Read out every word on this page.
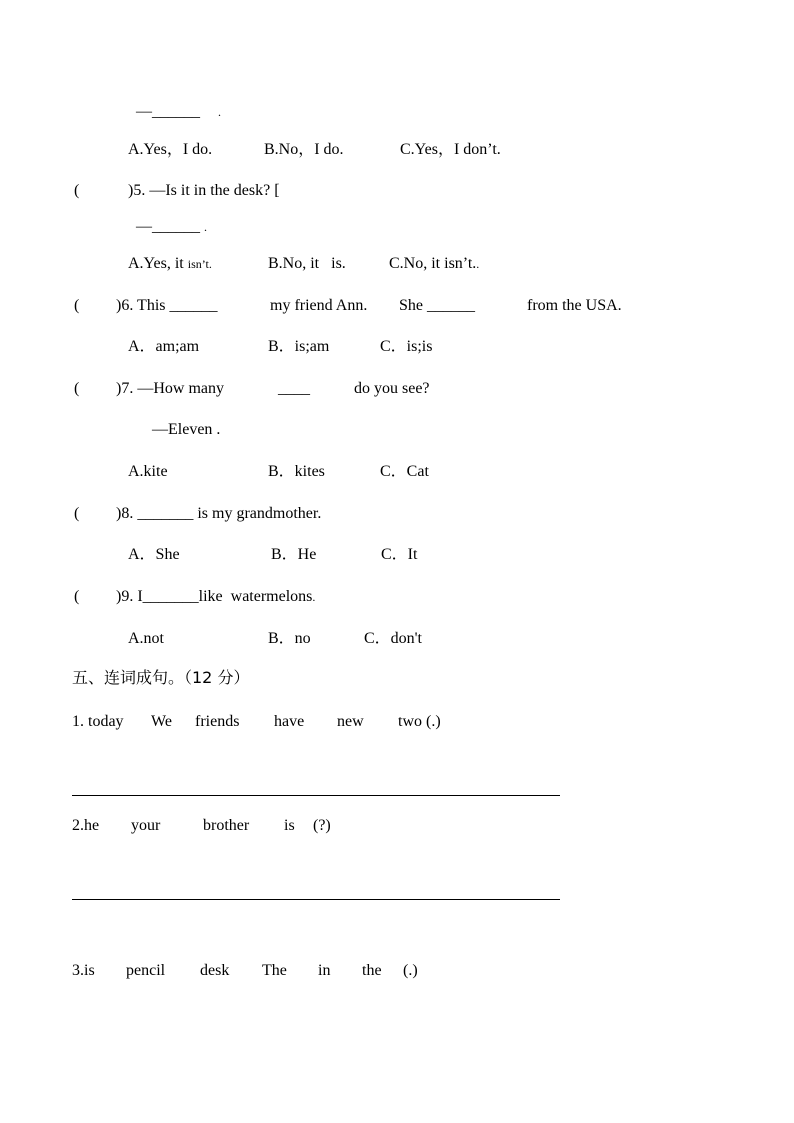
—______ .
A.Yes，I do.	B.No，I do.	C.Yes，I don’t.
(	)5. —Is it in the desk? [
—______ .
A.Yes, it isn’t.	B.No, it   is.	C.No, it isn’t..
( )6. This ______	my friend Ann. She ______	from the USA.
A．am;am	B．is;am	C．is;is
( )7. —How many	____	do you see?
—Eleven .
A.kite	B．kites	C．Cat
( )8. _______ is my grandmother.
A．She	B．He	C．It
( )9. I_______like  watermelons.
A.not	B．no	C．don't
五、连词成句。（12 分）
1. today We friends have new two (.)
2.he your	brother is (?)
3.is pencil desk The in the (.)
